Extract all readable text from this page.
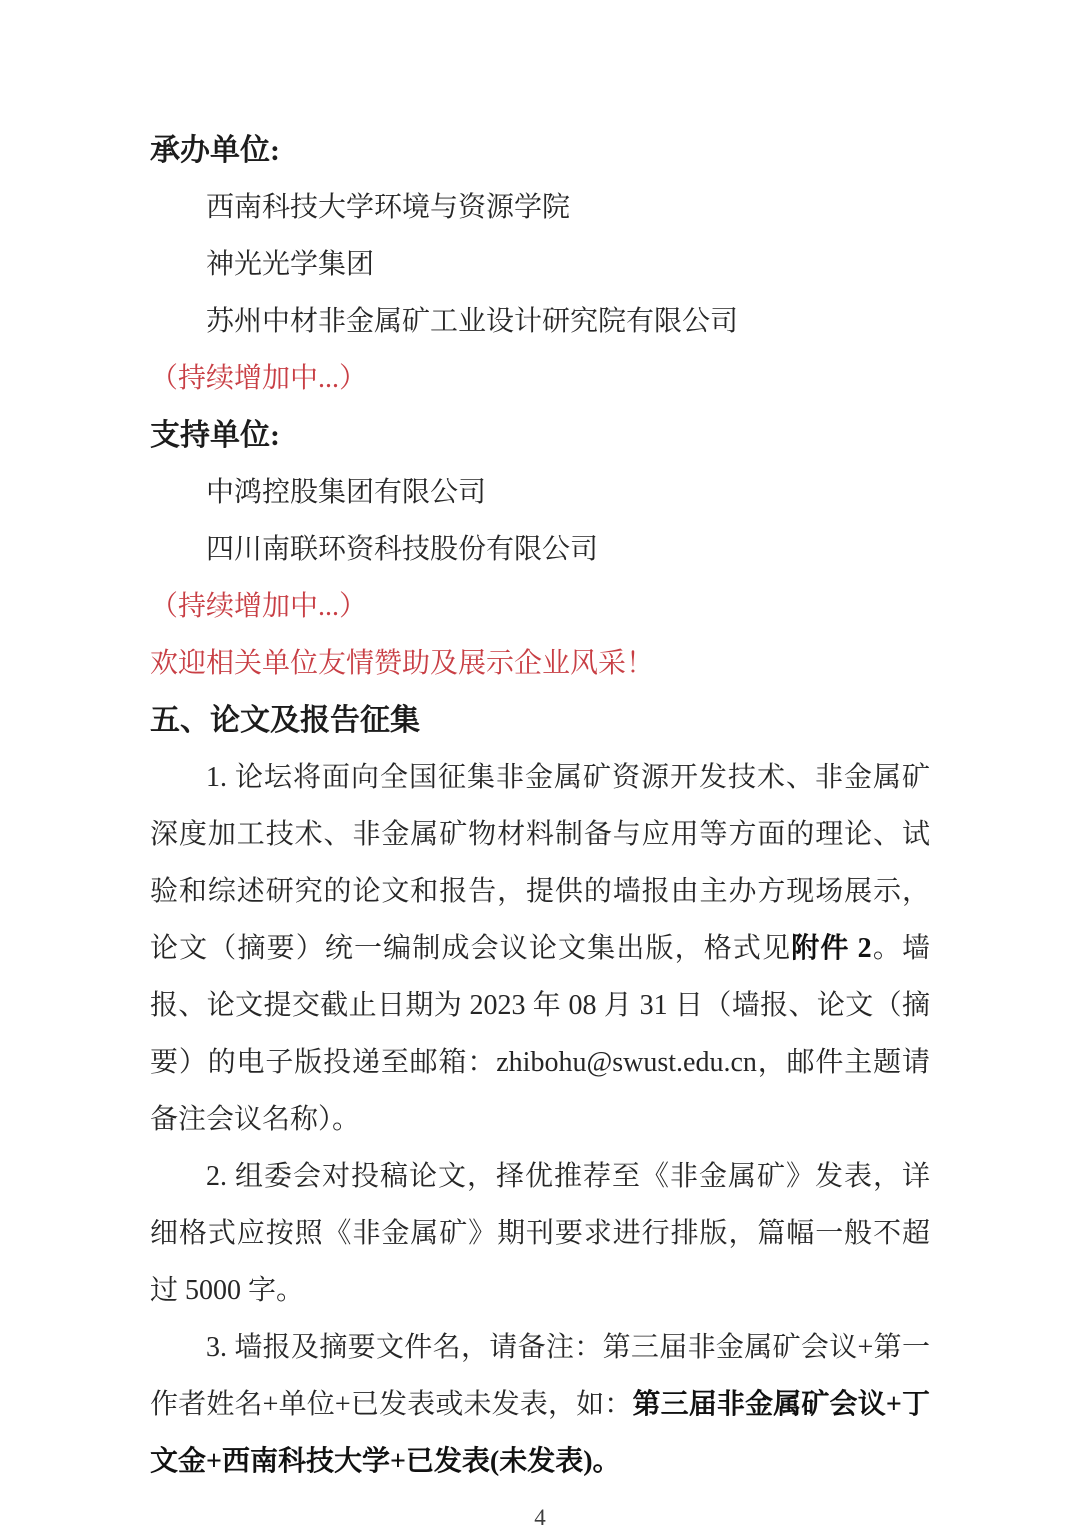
承办单位:

西南科技大学环境与资源学院

神光光学集团

苏州中材非金属矿工业设计研究院有限公司

（持续增加中...）

支持单位:

中鸿控股集团有限公司

四川南联环资科技股份有限公司

（持续增加中...）

欢迎相关单位友情赞助及展示企业风采！

五、论文及报告征集

1. 论坛将面向全国征集非金属矿资源开发技术、非金属矿深度加工技术、非金属矿物材料制备与应用等方面的理论、试验和综述研究的论文和报告，提供的墙报由主办方现场展示，论文（摘要）统一编制成会议论文集出版，格式见附件 2。墙报、论文提交截止日期为 2023 年 08 月 31 日（墙报、论文（摘要）的电子版投递至邮箱：zhibohu@swust.edu.cn，邮件主题请备注会议名称）。

2. 组委会对投稿论文，择优推荐至《非金属矿》发表，详细格式应按照《非金属矿》期刊要求进行排版，篇幅一般不超过 5000 字。

3. 墙报及摘要文件名，请备注：第三届非金属矿会议+第一作者姓名+单位+已发表或未发表，如：第三届非金属矿会议+丁文金+西南科技大学+已发表(未发表)。

4
